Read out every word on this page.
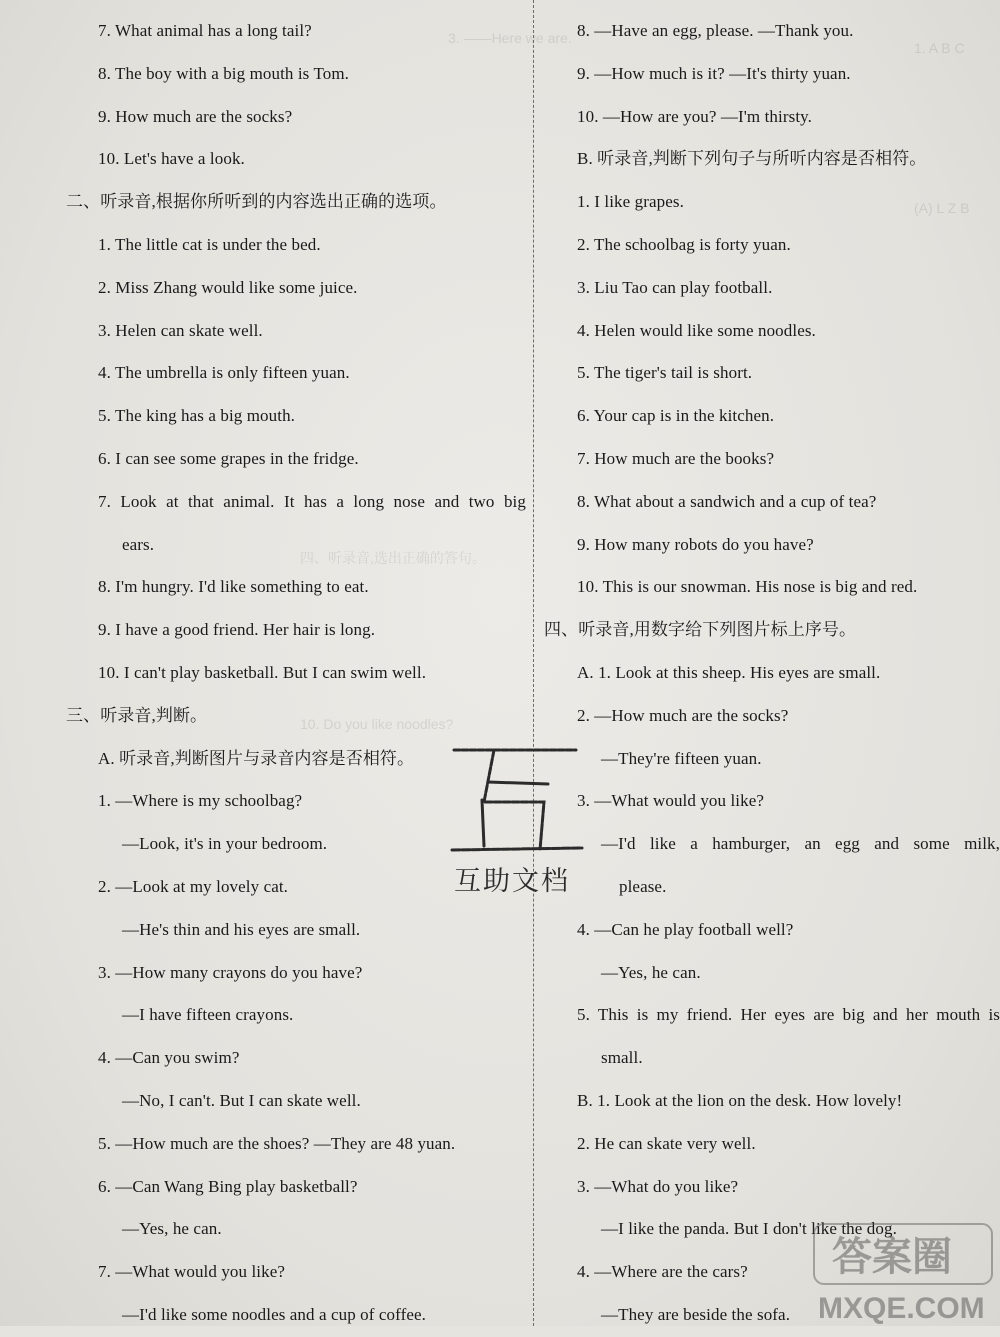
3. ——Here we are.
四、听录音,选出正确的答句。
10. Do you like noodles?
1. A B C
(A) L Z B
7. What animal has a long tail?
8. The boy with a big mouth is Tom.
9. How much are the socks?
10. Let's have a look.
二、听录音,根据你所听到的内容选出正确的选项。
1. The little cat is under the bed.
2. Miss Zhang would like some juice.
3. Helen can skate well.
4. The umbrella is only fifteen yuan.
5. The king has a big mouth.
6. I can see some grapes in the fridge.
7. Look at that animal. It has a long nose and two big
ears.
8. I'm hungry. I'd like something to eat.
9. I have a good friend. Her hair is long.
10. I can't play basketball. But I can swim well.
三、听录音,判断。
A. 听录音,判断图片与录音内容是否相符。
1. —Where is my schoolbag?
—Look, it's in your bedroom.
2. —Look at my lovely cat.
—He's thin and his eyes are small.
3. —How many crayons do you have?
—I have fifteen crayons.
4. —Can you swim?
—No, I can't. But I can skate well.
5. —How much are the shoes? —They are 48 yuan.
6. —Can Wang Bing play basketball?
—Yes, he can.
7. —What would you like?
—I'd like some noodles and a cup of coffee.
8. —Have an egg, please. —Thank you.
9. —How much is it? —It's thirty yuan.
10. —How are you? —I'm thirsty.
B. 听录音,判断下列句子与所听内容是否相符。
1. I like grapes.
2. The schoolbag is forty yuan.
3. Liu Tao can play football.
4. Helen would like some noodles.
5. The tiger's tail is short.
6. Your cap is in the kitchen.
7. How much are the books?
8. What about a sandwich and a cup of tea?
9. How many robots do you have?
10. This is our snowman. His nose is big and red.
四、听录音,用数字给下列图片标上序号。
A. 1. Look at this sheep. His eyes are small.
2. —How much are the socks?
—They're fifteen yuan.
3. —What would you like?
—I'd like a hamburger, an egg and some milk,
please.
4. —Can he play football well?
—Yes, he can.
5. This is my friend. Her eyes are big and her mouth is
small.
B. 1. Look at the lion on the desk. How lovely!
2. He can skate very well.
3. —What do you like?
—I like the panda. But I don't like the dog.
4. —Where are the cars?
—They are beside the sofa.
互助文档
答案圈
MXQE.COM
